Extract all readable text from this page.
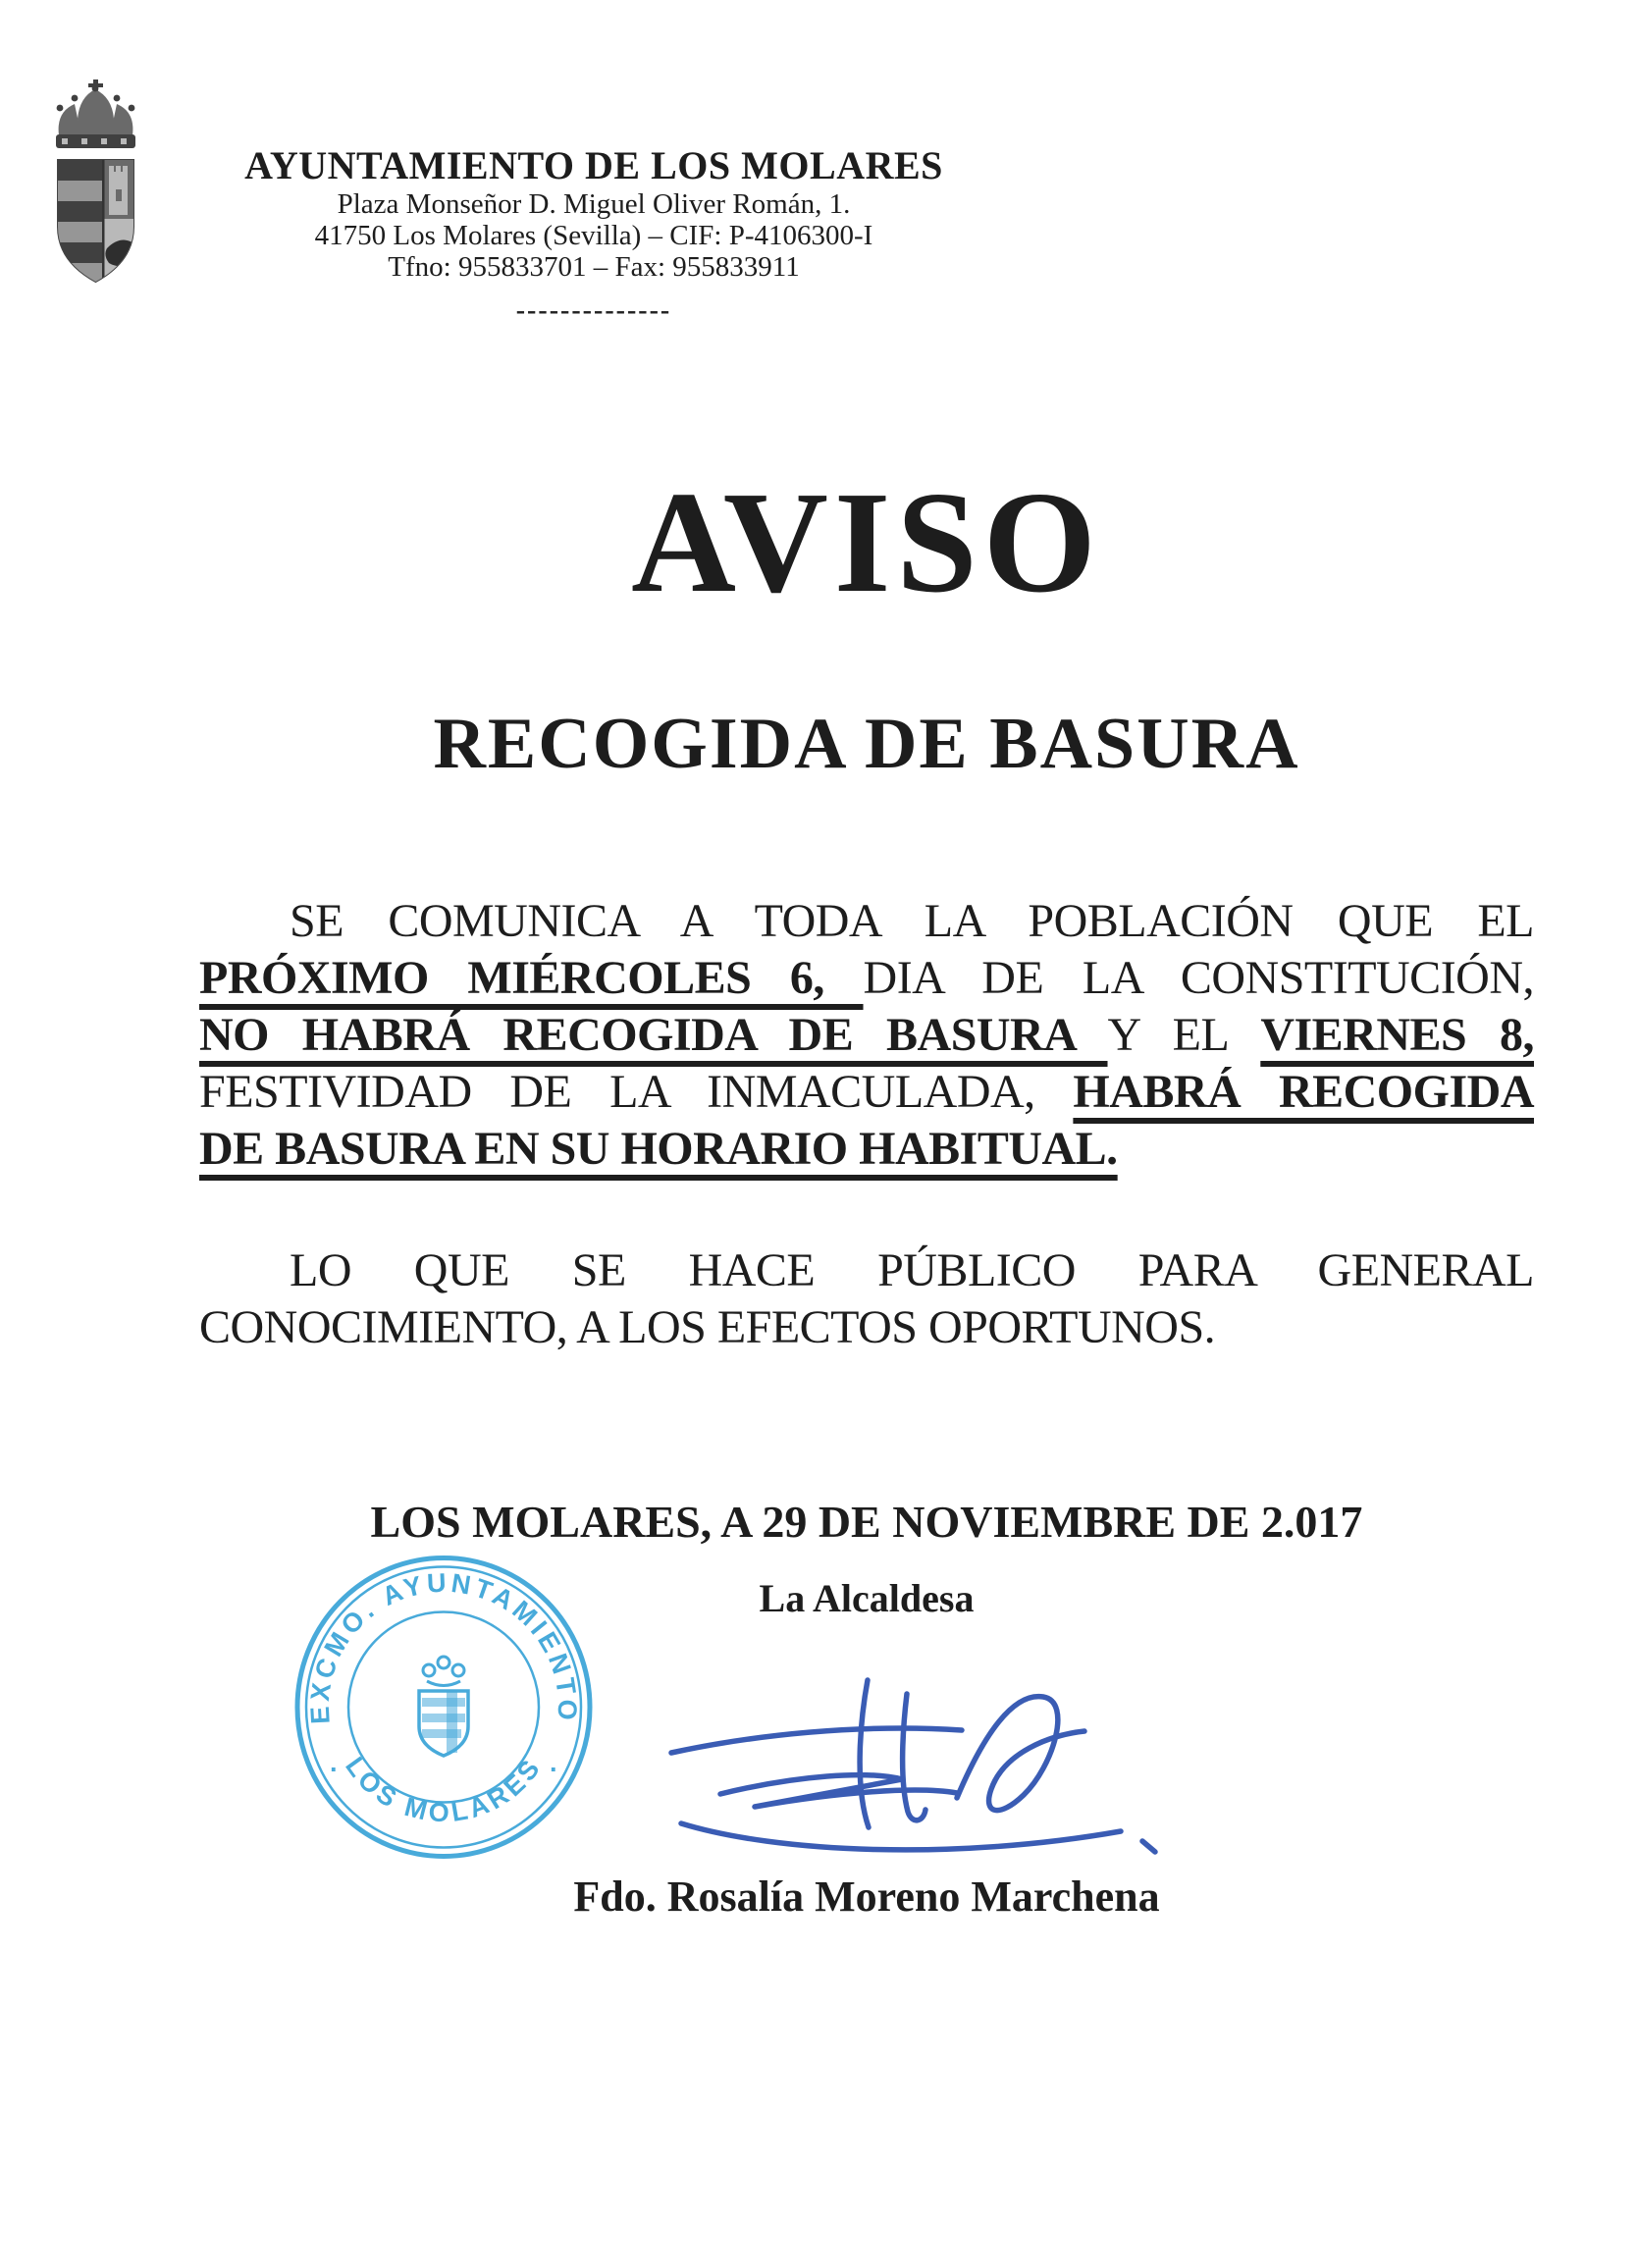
AYUNTAMIENTO DE LOS MOLARES
Plaza Monseñor D. Miguel Oliver Román, 1.
41750 Los Molares (Sevilla) – CIF: P-4106300-I
Tfno: 955833701 – Fax: 955833911
--------------
AVISO
RECOGIDA DE BASURA
SE COMUNICA A TODA LA POBLACIÓN QUE EL
PRÓXIMO MIÉRCOLES 6, DIA DE LA CONSTITUCIÓN,
NO HABRÁ RECOGIDA DE BASURA Y EL VIERNES 8,
FESTIVIDAD DE LA INMACULADA, HABRÁ RECOGIDA
DE BASURA EN SU HORARIO HABITUAL.
LO QUE SE HACE PÚBLICO PARA GENERAL
CONOCIMIENTO, A LOS EFECTOS OPORTUNOS.
LOS MOLARES, A 29 DE NOVIEMBRE DE 2.017
La Alcaldesa
EXCMO. AYUNTAMIENTO
LOS MOLARES
·	·
Fdo. Rosalía Moreno Marchena
